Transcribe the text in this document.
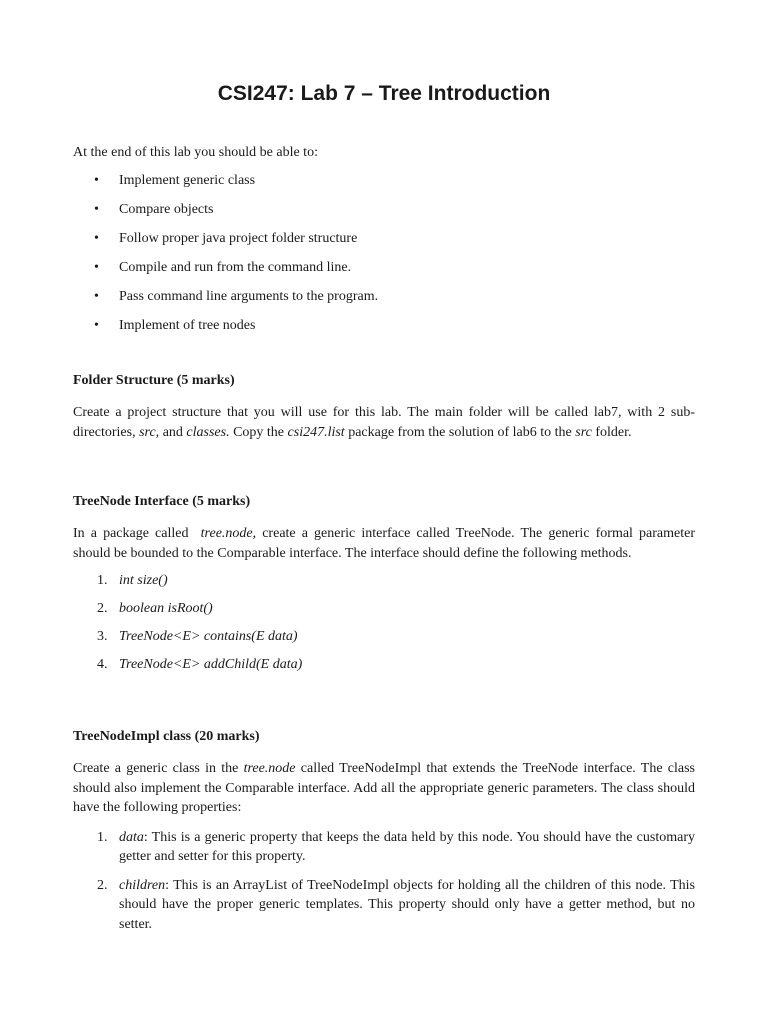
CSI247: Lab 7 – Tree Introduction

At the end of this lab you should be able to:

• Implement generic class
• Compare objects
• Follow proper java project folder structure
• Compile and run from the command line.
• Pass command line arguments to the program.
• Implement of tree nodes

Folder Structure (5 marks)

Create a project structure that you will use for this lab. The main folder will be called lab7, with 2 sub-directories, src, and classes. Copy the csi247.list package from the solution of lab6 to the src folder.

TreeNode Interface (5 marks)

In a package called  tree.node, create a generic interface called TreeNode. The generic formal parameter should be bounded to the Comparable interface. The interface should define the following methods.

1. int size()
2. boolean isRoot()
3. TreeNode<E> contains(E data)
4. TreeNode<E> addChild(E data)

TreeNodeImpl class (20 marks)

Create a generic class in the tree.node called TreeNodeImpl that extends the TreeNode interface. The class should also implement the Comparable interface. Add all the appropriate generic parameters. The class should have the following properties:

1. data: This is a generic property that keeps the data held by this node. You should have the customary getter and setter for this property.
2. children: This is an ArrayList of TreeNodeImpl objects for holding all the children of this node. This should have the proper generic templates. This property should only have a getter method, but no setter.
